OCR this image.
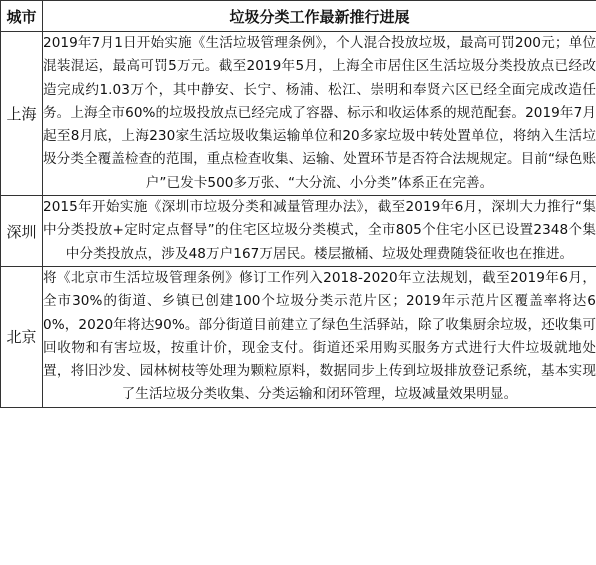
城市	垃圾分类工作最新推行进展
上海	2019年7月1日开始实施《生活垃圾管理条例》，个人混合投放垃圾，最高可罚200元；单位混装混运，最高可罚5万元。截至2019年5月，上海全市居住区生活垃圾分类投放点已经改造完成约1.03万个，其中静安、长宁、杨浦、松江、崇明和奉贤六区已经全面完成改造任务。上海全市60%的垃圾投放点已经完成了容器、标示和收运体系的规范配套。2019年7月起至8月底，上海230家生活垃圾收集运输单位和20多家垃圾中转处置单位，将纳入生活垃圾分类全覆盖检查的范围，重点检查收集、运输、处置环节是否符合法规规定。目前“绿色账户”已发卡500多万张、“大分流、小分类”体系正在完善。
深圳	2015年开始实施《深圳市垃圾分类和减量管理办法》，截至2019年6月，深圳大力推行“集中分类投放+定时定点督导”的住宅区垃圾分类模式，全市805个住宅小区已设置2348个集中分类投放点，涉及48万户167万居民。楼层撤桶、垃圾处理费随袋征收也在推进。
北京	将《北京市生活垃圾管理条例》修订工作列入2018-2020年立法规划，截至2019年6月，全市30%的街道、乡镇已创建100个垃圾分类示范片区；2019年示范片区覆盖率将达60%，2020年将达90%。部分街道目前建立了绿色生活驿站，除了收集厨余垃圾，还收集可回收物和有害垃圾，按重计价，现金支付。街道还采用购买服务方式进行大件垃圾就地处置，将旧沙发、园林树枝等处理为颗粒原料，数据同步上传到垃圾排放登记系统，基本实现了生活垃圾分类收集、分类运输和闭环管理，垃圾减量效果明显。
